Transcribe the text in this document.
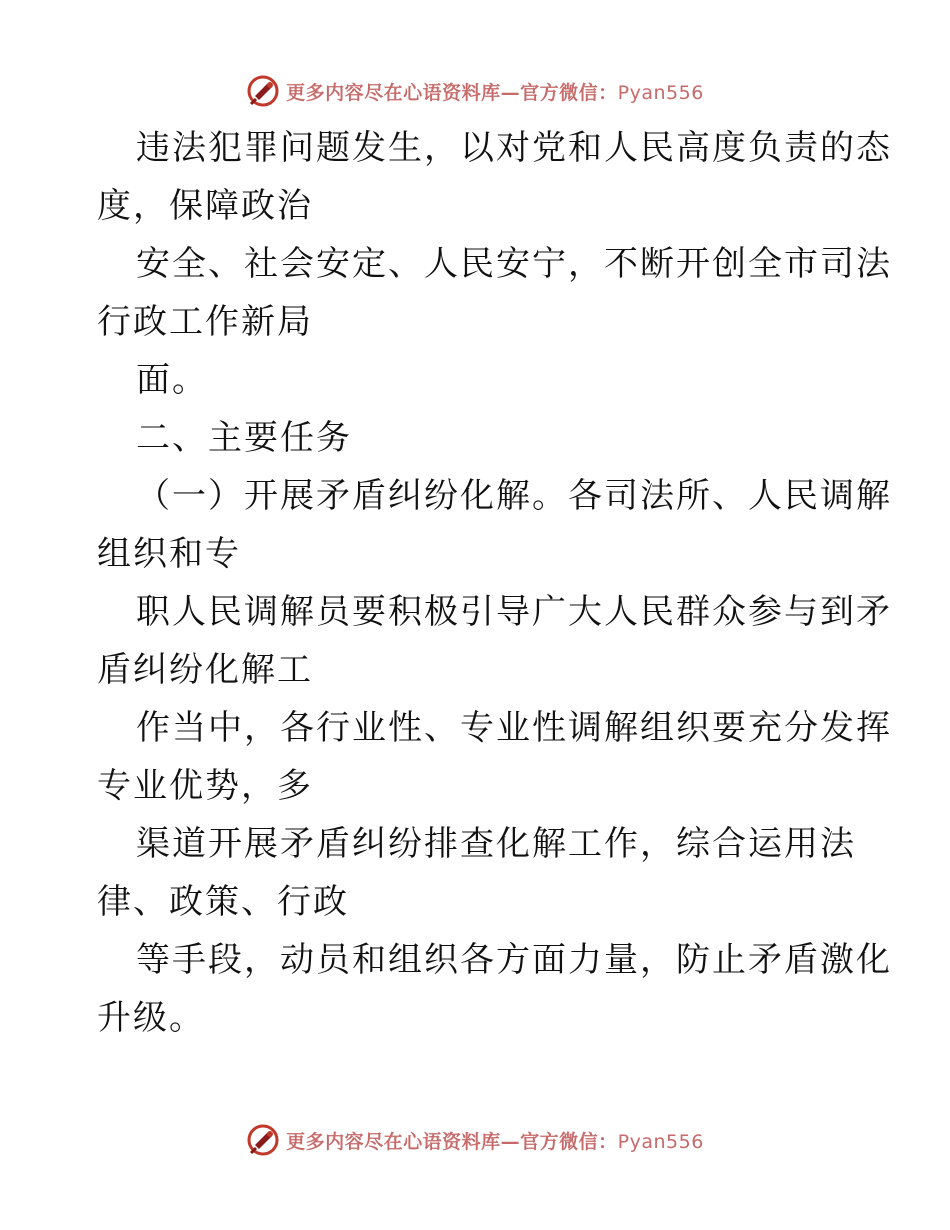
更多内容尽在心语资料库—官方微信：Pyan556
违法犯罪问题发生，以对党和人民高度负责的态
度，保障政治
安全、社会安定、人民安宁，不断开创全市司法
行政工作新局
面。
二、主要任务
（一）开展矛盾纠纷化解。各司法所、人民调解
组织和专
职人民调解员要积极引导广大人民群众参与到矛
盾纠纷化解工
作当中，各行业性、专业性调解组织要充分发挥
专业优势，多
渠道开展矛盾纠纷排查化解工作，综合运用法
律、政策、行政
等手段，动员和组织各方面力量，防止矛盾激化
升级。
更多内容尽在心语资料库—官方微信：Pyan556
